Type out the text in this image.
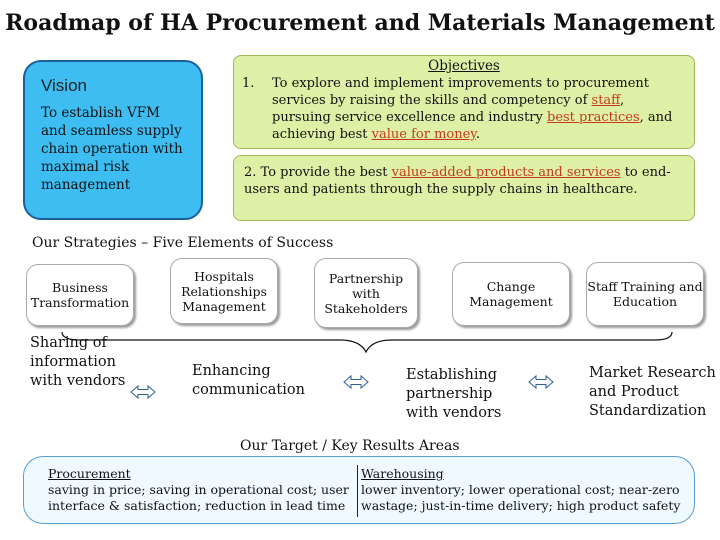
Roadmap of HA Procurement and Materials Management
Vision
To establish VFM and seamless supply chain operation with maximal risk management
Objectives
1.	To explore and implement improvements to procurement services by raising the skills and competency of staff, pursuing service excellence and industry best practices, and achieving best value for money.
2. To provide the best value-added products and services to end-users and patients through the supply chains in healthcare.
Our Strategies – Five Elements of Success
Business Transformation
Hospitals Relationships Management
Partnership with Stakeholders
Change Management
Staff Training and Education
Sharing of information with vendors
Enhancing communication
Establishing partnership with vendors
Market Research and Product Standardization
Our Target / Key Results Areas
Procurement
saving in price; saving in operational cost; user interface & satisfaction; reduction in lead time
Warehousing
lower inventory; lower operational cost; near-zero wastage; just-in-time delivery; high product safety
